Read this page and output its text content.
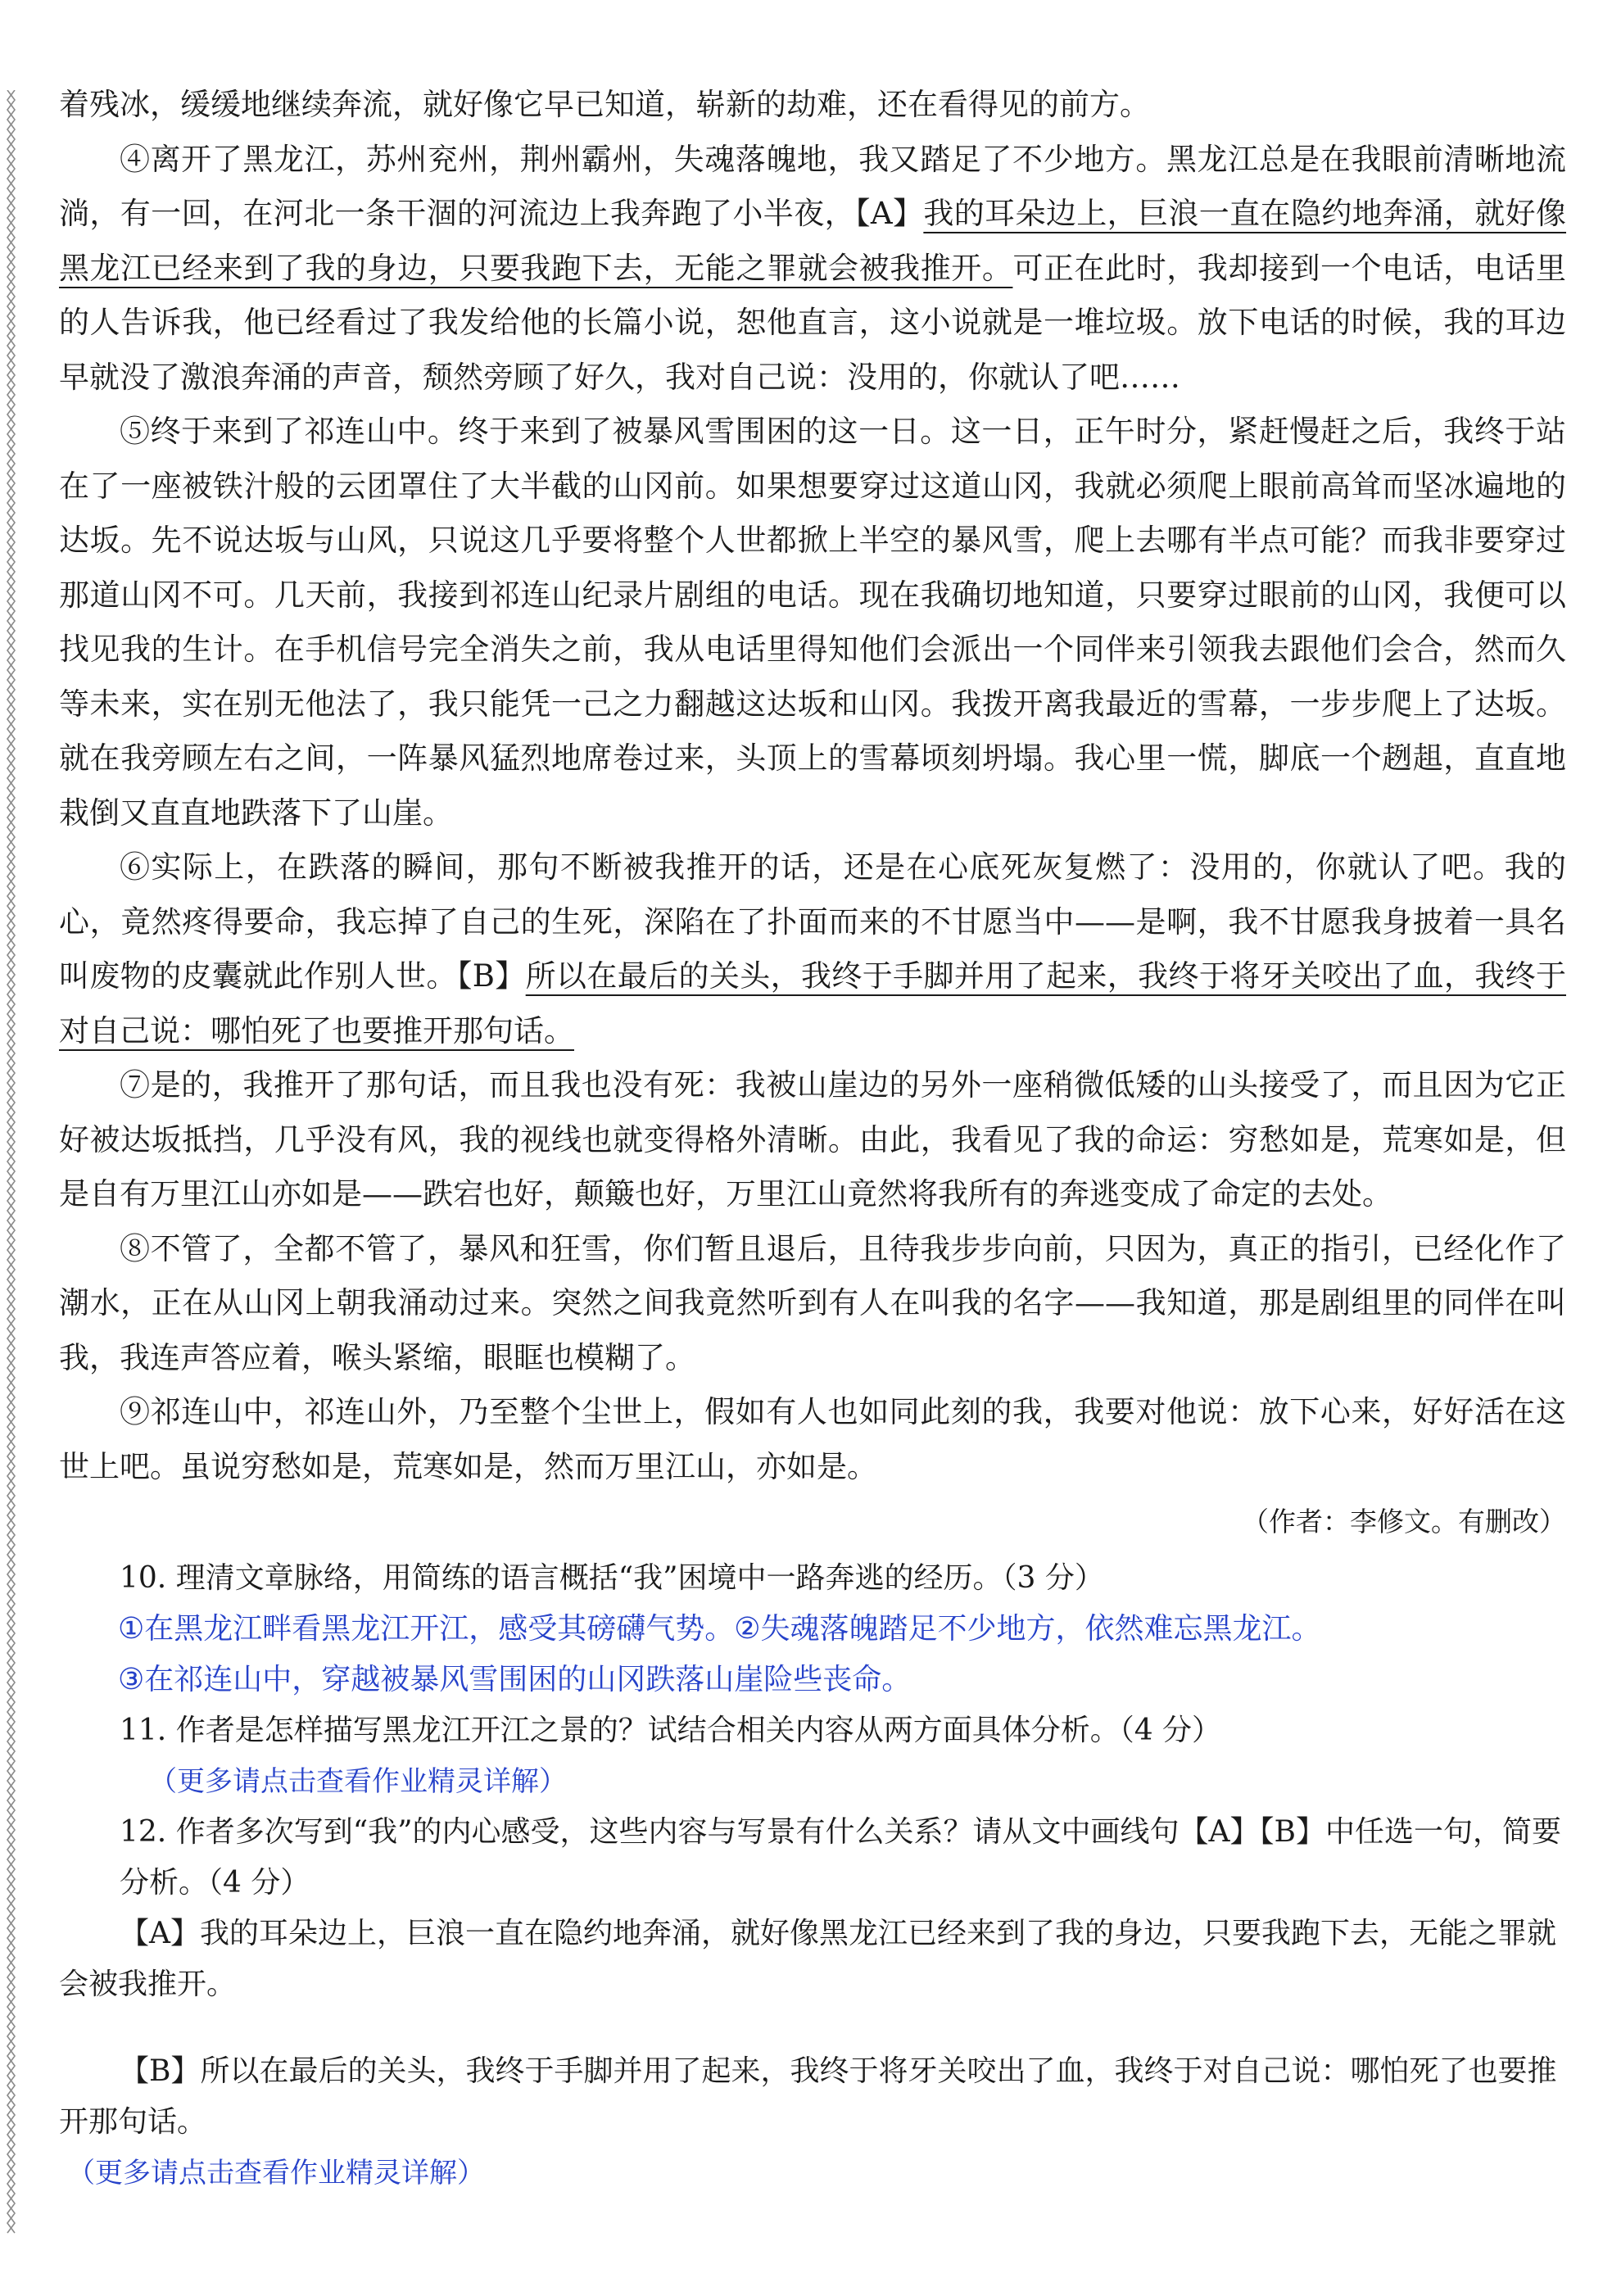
着残冰，缓缓地继续奔流，就好像它早已知道，崭新的劫难，还在看得见的前方。

④离开了黑龙江，苏州兖州，荆州霸州，失魂落魄地，我又踏足了不少地方。黑龙江总是在我眼前清晰地流淌，有一回，在河北一条干涸的河流边上我奔跑了小半夜，【A】我的耳朵边上，巨浪一直在隐约地奔涌，就好像黑龙江已经来到了我的身边，只要我跑下去，无能之罪就会被我推开。可正在此时，我却接到一个电话，电话里的人告诉我，他已经看过了我发给他的长篇小说，恕他直言，这小说就是一堆垃圾。放下电话的时候，我的耳边早就没了激浪奔涌的声音，颓然旁顾了好久，我对自己说：没用的，你就认了吧……

⑤终于来到了祁连山中。终于来到了被暴风雪围困的这一日。这一日，正午时分，紧赶慢赶之后，我终于站在了一座被铁汁般的云团罩住了大半截的山冈前。如果想要穿过这道山冈，我就必须爬上眼前高耸而坚冰遍地的达坂。先不说达坂与山风，只说这几乎要将整个人世都掀上半空的暴风雪，爬上去哪有半点可能？而我非要穿过那道山冈不可。几天前，我接到祁连山纪录片剧组的电话。现在我确切地知道，只要穿过眼前的山冈，我便可以找见我的生计。在手机信号完全消失之前，我从电话里得知他们会派出一个同伴来引领我去跟他们会合，然而久等未来，实在别无他法了，我只能凭一己之力翻越这达坂和山冈。我拨开离我最近的雪幕，一步步爬上了达坂。就在我旁顾左右之间，一阵暴风猛烈地席卷过来，头顶上的雪幕顷刻坍塌。我心里一慌，脚底一个趔趄，直直地栽倒又直直地跌落下了山崖。

⑥实际上，在跌落的瞬间，那句不断被我推开的话，还是在心底死灰复燃了：没用的，你就认了吧。我的心，竟然疼得要命，我忘掉了自己的生死，深陷在了扑面而来的不甘愿当中——是啊，我不甘愿我身披着一具名叫废物的皮囊就此作别人世。【B】所以在最后的关头，我终于手脚并用了起来，我终于将牙关咬出了血，我终于对自己说：哪怕死了也要推开那句话。

⑦是的，我推开了那句话，而且我也没有死：我被山崖边的另外一座稍微低矮的山头接受了，而且因为它正好被达坂抵挡，几乎没有风，我的视线也就变得格外清晰。由此，我看见了我的命运：穷愁如是，荒寒如是，但是自有万里江山亦如是——跌宕也好，颠簸也好，万里江山竟然将我所有的奔逃变成了命定的去处。

⑧不管了，全都不管了，暴风和狂雪，你们暂且退后，且待我步步向前，只因为，真正的指引，已经化作了潮水，正在从山冈上朝我涌动过来。突然之间我竟然听到有人在叫我的名字——我知道，那是剧组里的同伴在叫我，我连声答应着，喉头紧缩，眼眶也模糊了。

⑨祁连山中，祁连山外，乃至整个尘世上，假如有人也如同此刻的我，我要对他说：放下心来，好好活在这世上吧。虽说穷愁如是，荒寒如是，然而万里江山，亦如是。

（作者：李修文。有删改）

10. 理清文章脉络，用简练的语言概括“我”困境中一路奔逃的经历。（3 分）

①在黑龙江畔看黑龙江开江，感受其磅礴气势。②失魂落魄踏足不少地方，依然难忘黑龙江。

③在祁连山中，穿越被暴风雪围困的山冈跌落山崖险些丧命。

11. 作者是怎样描写黑龙江开江之景的？试结合相关内容从两方面具体分析。（4 分）

（更多请点击查看作业精灵详解）

12. 作者多次写到“我”的内心感受，这些内容与写景有什么关系？请从文中画线句【A】【B】中任选一句，简要分析。（4 分）

【A】我的耳朵边上，巨浪一直在隐约地奔涌，就好像黑龙江已经来到了我的身边，只要我跑下去，无能之罪就会被我推开。

【B】所以在最后的关头，我终于手脚并用了起来，我终于将牙关咬出了血，我终于对自己说：哪怕死了也要推开那句话。

（更多请点击查看作业精灵详解）
